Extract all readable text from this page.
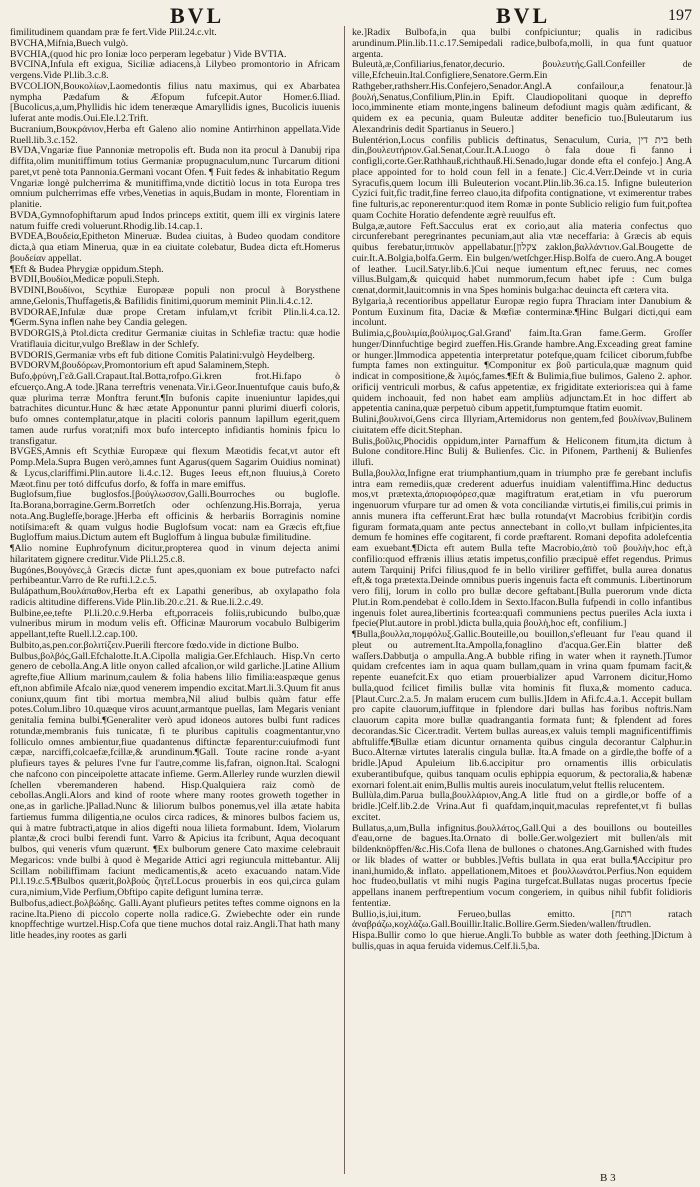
BVL	BVL	197

fimilitudinem quandam præ fe fert.Vide Plil.24.c.vlt.

BVCHA,Mifnia,Buech vulgò.

BVCHIA,(quod hic pro Ioniæ loco perperam legebatur ) Vide BVTIA.

BVCINA,Infula eft exigua, Siciliæ adiacens,à Lilybeo promontorio in Africam vergens.Vide Pl.lib.3.c.8.

BVCOLION,Βουκολίων,Laomedontis filius natu maximus, qui ex Abarbatea nympha Pædafum & Æfopum fufcepit.Autor Homer.6.Iliad. [Bucolicus,a,um,Phyllidis hic idem teneræque Amaryllidis ignes, Bucolicis iuuenis luferat ante modis.Oui.Ele.l.2.Trift.

Bucranium,Βουκράνιον,Herba eft Galeno alio nomine Antirrhinon appellata.Vide Ruell.lib.3.c.152.

BVDA,Vngariæ fiue Pannoniæ metropolis eft. Buda non ita procul à Danubij ripa diffita,olim munitiffimum totius Germaniæ propugnaculum,nunc Turcarum ditioni paret,vt penè tota Pannonia.Germanì vocant Ofen. ¶ Fuit fedes & inhabitatio Regum Vngariæ longè pulcherrima & munitiffima,vnde dictitiò locus in tota Europa tres omnium pulcherrimas effe vrbes,Venetias in aquis,Budam in monte, Florentiam in planitie.

BVDA,Gymnofophiftarum apud Indos princeps extitit, quem illi ex virginis latere natum fuiffe credi voluerunt.Rhodig.lib.14.cap.1.

BVDEA,Βουδεία,Epitheton Mineruæ. Budea ciuitas, à Budeo quodam conditore dicta,à qua etiam Minerua, quæ in ea ciuitate colebatur, Budea dicta eft.Homerus βουδείαν appellat.

¶Eft & Budea Phrygiæ oppidum.Steph.

BVDII,Βουδίοι,Medicæ populi.Steph.

BVDINI,Βουδίνοι, Scythiæ Europææ populi non procul à Borysthene amne,Gelonis,Thuffagetis,& Bafilidis finitimi,quorum meminit Plin.li.4.c.12.

BVDORAE,Infulæ duæ prope Cretam infulam,vt fcribit Plin.li.4.ca.12. ¶Germ.Syna inflen nahe bey Candia gelegen.

BVDORGIS,à Ptol.dicta creditur Germaniæ ciuitas in Schlefiæ tractu: quæ hodie Vratiflauia dicitur,vulgo Breßlaw in der Schlefy.

BVDORIS,Germaniæ vrbs eft fub ditione Comitis Palatini:vulgò Heydelberg.

BVDORVM,βουδόρων,Promontorium eft apud Salaminem,Steph.

Bufo,ϕρύνη,Γεᾶ.Gall.Crapaut.Ital.Botta,rofpo.Gi.kren frot.Hi.fapo ò efcuerço.Ang.A tode.]Rana terreftris venenata.Vir.i.Geor.Inuentufque cauis bufo,& quæ plurima terræ Monftra ferunt.¶In bufonis capite inueniuntur lapides,qui batrachites dicuntur.Hunc & hæc ætate Apponuntur panni plurimi diuerfi coloris, bufo omnes contemplatur,atque in placiti coloris pannum lapillum egerit,quem tamen aude rurfus vorat;nifi mox bufo intercepto infidiantis hominis fpicu lo transfigatur.

BVGES,Amnis eft Scythiæ Europææ qui flexum Mæotidis fecat,vt autor eft Pomp.Mela.Supra Bugen verò,amnes funt Agarus(quem Sagarim Ouidius nominat) & Lycus,clariffimi.Plin.autore li.4.c.12. Buges Ieeus eft,non fluuius,à Coreto Mæot.finu per totó diffcufus dorfo, & foffa in mare emiffus.

Buglofsum,fiue buglosfos.[βούγλωσσον,Galli.Bourroches ou buglofle. Ita.Borana,borragine.Germ.Borretſch oder ochſenzung.His.Borraja, yerua nota.Ang.Buglefſe,borage.]Herba eft officinis & herbariis Borraginis nomine notiſsima:eft & quam vulgus hodie Buglofsum vocat: nam ea Græcìs eft,fiue Bugloffum maius.Dictum autem eft Bugloffum à lingua bubulæ fimilitudine.

¶Alio nomine Euphrofynum dicitur,propterea quod in vinum dejecta animi hilaritatem gignere creditur.Vide Pli.l.25.c.8.

Bugónes,Βουγόνες,à Græcis dictæ funt apes,quoniam ex boue putrefacto nafci perhibeantur.Varro de Re rufti.l.2.c.5.

Bulápathum,Βουλάπαθον,Herba eft ex Lapathi generibus, ab oxylapatho fola radicis altitudine differens.Vide Plin.lib.20.c.21. & Rue.li.2.c.49.

Bulbine,ee,tefte Pl.li.20.c.9.Herba eft,porraceis foliis,rubicundo bulbo,quæ vulneribus mirum in modum velis eft. Officinæ Maurorum vocabulo Bulbigerim appellant,tefte Ruell.l.2.cap.100.

Bulbito,as,pen.cor.βολιτίζειν.Puerili ftercore fœdo.vide in dictione Bulbo.

Bulbus,βολβός,Gall.Efchalotte.It.A.Cipolla maligia.Ger.Efchlauch. Hisp.Vn certo genero de cebolla.Ang.A litle onyon called afcalion,or wild garliche.]Latine Allium agrefte,fiue Allium marinum,caulem & folia habens lilio fimilia:easpæque genus eft,non abfimile Afcalo niæ,quod venerem impendio excitat.Mart.li.3.Quum fit anus coniunx,quum fint tibi mortua membra,Nil aliud bulbis quàm fatur effe potes.Colum.libro 10.quæque viros acuunt,armantque puellas, Iam Megaris veniant genitalia femina bulbi.¶Generaliter verò apud idoneos autores bulbi funt radices rotundæ,membranis fuis tunicatæ, fi te pluribus capitulis coagmentantur,vno folliculo omnes ambientur,fiue quadantenus diftinctæ feparentur:cuiufmodi funt cæpæ, narciffi,colcaefæ,fcillæ,& arundinum.¶Gall. Toute racine ronde a-yant plufieurs tayes & pelures l'vne fur l'autre,comme lis,fafran, oignon.Ital. Scalogni che nafcono con pinceipolette attacate infieme. Germ.Allerley runde wurzlen diewil ſchellen vberemanderen habend. Hisp.Qualquiera raiz comò de cebollas.Angli.Alors and kind of roote where many rootes groweth together in one,as in garliche.]Pallad.Nunc & liliorum bulbos ponemus,vel illa ætate habita fartiemus fumma diligentia,ne oculos circa radices, & minores bulbos faciem us, qui à matre fubtractì,atque in alios digefti noua lilieta formabunt. Idem, Violarum plantæ,& croci bulbi ferendi funt. Varro & Apicius ita fcribunt, Aqua decoquant bulbos, qui veneris vfum quærunt. ¶Ex bulborum genere Cato maxime celebrauit Megaricos: vnde bulbi à quod è Megaride Attici agri regiuncula mittebantur. Alij Scillam nobiliffimam faciunt medicamentis,& aceto exacuando natam.Vide Pl.l.19.c.5.¶Bulbos quærit,βολβοὺς ζητεῖ.Locus prouerbis in eos qui,circa gulam cura,nimium,Vide Perfium,Obftipo capite defigunt lumina terræ.

Bulbofus,adiect.βολβώδης. Galli.Ayant plufieurs petites teftes comme oignons en la racine.Ita.Pieno di piccolo coperte nolla radice.G. Zwiebechte oder ein runde knopffechtige wurtzel.Hisp.Cofa que tiene muchos dotal raiz.Angli.That hath many litle heades,iny rootes as garli

ke.]Radix Bulbofa,in qua bulbi confpiciuntur; qualis in radicibus arundinum.Plin.lib.11.c.17.Semipedali radice,bulbofa,molli, in qua funt quatuor argenta.

Buleutà,æ,Confiliarius,fenator,decurio. βουλευτής.Gall.Confeiller de ville,Efcheuin.Ital.Configliere,Senatore.Germ.Ein Rathgeber,rathsherr.His.Confejero,Senador.Angl.A confailour,a fenatour.]à βουλή,Senatus,Confilium,Plin.in Epift. Claudiopolitani quoque in depreffo loco,imminente etiam monte,ingens balineum defodiunt magis quàm ædificant, & quidem ex ea pecunia, quam Buleutæ additer beneficio tuo.[Buleutarum ius Alexandrinis dedit Spartianus in Seuero.]

Bulentérion,Locus confilis publicis deftinatus, Senaculum, Curia, בית דין beth din,βουλευτήριον.Gal.Senat,Cour.It.A.Luogo ò fala doue fi fanno i configli,corte.Ger.Rathhauß,richthauß.Hi.Senado,lugar donde efta el confejo.] Ang.A place appointed for to hold coun fell in a fenate.] Cic.4.Verr.Deinde vt in curia Syracufis,quem locum illi Buleuterion vocant.Plin.lib.36.ca.15. Infigne buleuterion Cyzici fuit,fic tradit,fine ferreo clauo,ita difpofita contignatione, vt eximerentur trabes fine fulturis,ac reponerentur:quod item Romæ in ponte Sublicio religio fum fuit,poftea quam Cochite Horatio defendente ægrè reuulfus eft.

Bulga,æ,autore Feft.Sacculus erat ex corio,aut alia materia confectus quo circunferebant peregrinantes pecuniam,aut alia vtæ neceffaria: à Græcis ab equis quibus ferebatur,ἱππικὸν appellabatur.[צקלון zaklon,βαλλάντιον.Gal.Bougette de cuir.It.A.Bolgia,bolfa.Germ. Ein bulgen/wetſchger.Hisp.Bolfa de cuero.Ang.A bouget of leather. Lucil.Satyr.lib.6.]Cui neque iumentum eft,nec feruus, nec comes villus.Bulgam,& quicquid habet nummorum,fecum habet ipfe : Cum bulga cœnat,dormit,lauit:omnis in vna Spes hominis bulga:hac deuincta eft cætera vita.

Bylgaria,à recentioribus appellatur Europæ regio fupra Thraciam inter Danubium & Pontum Euxinum fita, Daciæ & Mœfiæ conterminæ.¶Hinc Bulgari dicti,qui eam incolunt.

Bulimia,ς,βουλιμία,βούλιμος.Gal.Grand' faim.Ita.Gran fame.Germ. Groſſer hunger/Dinnfuchtige begird zueffen.His.Grande hambre.Ang.Exceading great famine or hunger.]Immodica appetentia interpretatur potefque,quam fcilicet ciborum,fubfbe fumpta fames non extinguitur. ¶Componitur ex βοῦ particula,quæ magnum quid indicat in compositione,& λιμός,fames.¶Eft & Bulimia,fiue bulimos, Galeno 2. aphor. orificij ventriculi morbus, & cafus appetentiæ, ex frigiditate exterioris:ea qui à fame quidem inchoauit, fed non habet eam ampliùs adjunctam.Et in hoc differt ab appetentia canina,quæ perpetuò cibum appetit,fumptumque ftatim euomit.

Bulini,βουλινοί,Gens circa Illyriam,Artemidorus non gentem,fed βουλίνων,Bulinem ciuitatem effe dicit.Stephan.

Bulis,βοῦλις,Phocidis oppidum,inter Parnaffum & Heliconem fitum,ita dictum à Bulone conditore.Hinc Bulij & Bulienfes. Cic. in Pifonem, Parthenij & Bulienfes illufi.

Bulla,βουλλα,Infigne erat triumphantium,quam in triumpho præ fe gerebant inclufis intra eam remediis,quæ crederent aduerfus inuidiam valentiffima.Hinc deductus mos,vt prætexta,ἀποριοφόρεσ,quæ magiftratum erat,etiam in vfu puerorum ingenuorum vfurpare tur ad omen & vota conciliandæ virtutis,ei fimilis,cui primis in annis munera ifta cefferunt.Erat hæc bulla rotunda(vt Macrobius fcribit)in cordis figuram formata,quam ante pectus annectebant in collo,vt bullam infpicientes,ita demum fe homines effe cogitarent, fi corde præftarent. Romani depofita adolefcentia eam exuebant.¶Dicta eft autem Bulla tefte Macrobio,ἀπὸ τοῦ βουλὴν,hoc eft,à confilio:quod effrænis illius ætatis impetus,confilio præcipuè effet regendus. Primus autem Tarquinij Prifci filius,quod fe in bello virilirer geffiffet, bulla aurea donatus eft,& toga prætexta.Deinde omnibus pueris ingenuis facta eft communis. Libertinorum vero filij, lorum in collo pro bullæ decore geftabant.[Bulla puerorum vnde dicta Plut.in Rom.pendebat è collo.Idem in Sexto.Ifacon.Bulla fufpendi in collo infantibus ingenuis folet aurea,libertinis fcortea:quafi communiens pectus pueriles Acla iuxta i fpecie(Plut.autore in probl.)dicta bulla,quia βουλὴ,hoc eft, confilium.]

¶Bulla,βουλλα,πομφόλυξ.Gallic.Bouteille,ou bouillon,s'efleuant fur l'eau quand il pleut ou autrement.Ita.Ampolla,fonaglino d'acqua.Ger.Ein blatter deß waſſers.Dabbutja o ampulla.Ang.A bubble rifing in water when it rayneth.]Tumor quidam crefcentes iam in aqua quam bullam,quam in vrina quam fpumam facit,& repente euanefcit.Ex quo etiam prouerbializer apud Varronem dicitur,Homo bulla,quod fcilicet fimilis bullæ vita hominis fit fluxa,& momento caduca.[Plaut.Curc.2.a.5. Jn malam erucem cum bullis.]Idem in Afi.fc.4.a.1. Accepit bullam pro capite clauorum,iuffitque in fplendore dari bullas has foribus noftris.Nam clauorum capita more bullæ quadrangantia formata funt; & fplendent ad fores decorandas.Sic Cicer.tradit. Vertem bullas aureas,ex valuis templi magnificentiffimis abftuliffe.¶Bullæ etiam dicuntur ornamenta quibus cingula decorantur Calphur.in Buco.Alternæ virtutes lateralis cingula bullæ. Ita.A fmade on a girdle,the boffe of a bridle.]Apud Apuleium lib.6.accipitur pro ornamentis illis orbiculatis exuberantibufque, quibus tanquam oculis ephippia equorum, & pectoralia,& habenæ exornari folent.ait enim,Bullis multis aureis inoculatum,velut ftellis relucentem.

Bullùla,dim.Parua bulla,βουλλάριον,Ang.A litle ftud on a girdle,or boffe of a bridle.]Celf.lib.2.de Vrina.Aut fi quafdam,inquit,maculas reprefentet,vt fi bullas excitet.

Bullatus,a,um,Bulla infignitus.βουλλάτος,Gall.Qui a des bouillons ou bouteilles d'eau,orne de bagues.Ita.Ornato di bolle.Ger.wolgeziert mit bullen/als mit bildenknöpffen/&c.His.Cofa llena de bullones o chatones.Ang.Garnished with ftudes or lik blades of watter or bubbles.]Veftis bullata in qua erat bulla.¶Accipitur pro inanì,humido,& inflato. appellationem,Mitoes et βουλλωνάτοι.Perfius.Non equidem hoc ftudeo,bullatis vt mihi nugis Pagina turgefcat.Bullatas nugas procertus fpecie appellans inanem perftrepentium vocum congeriem, in quibus nihil fubfit folidioris fententiæ.

Bullio,is,iui,itum. Ferueo,bullas emitto. [רתח ratach ἀναβράζω,κοχλάζω.Gall.Bouillir.Italic.Bollire.Germ.Sieden/wallen/ftrudlen. Hispa.Bullir como lo que hierue.Angli.To bubble as water doth ʃeething.]Dictum à bullis,quas in aqua feruida videmus.Celf.li.5,ba.

B 3
